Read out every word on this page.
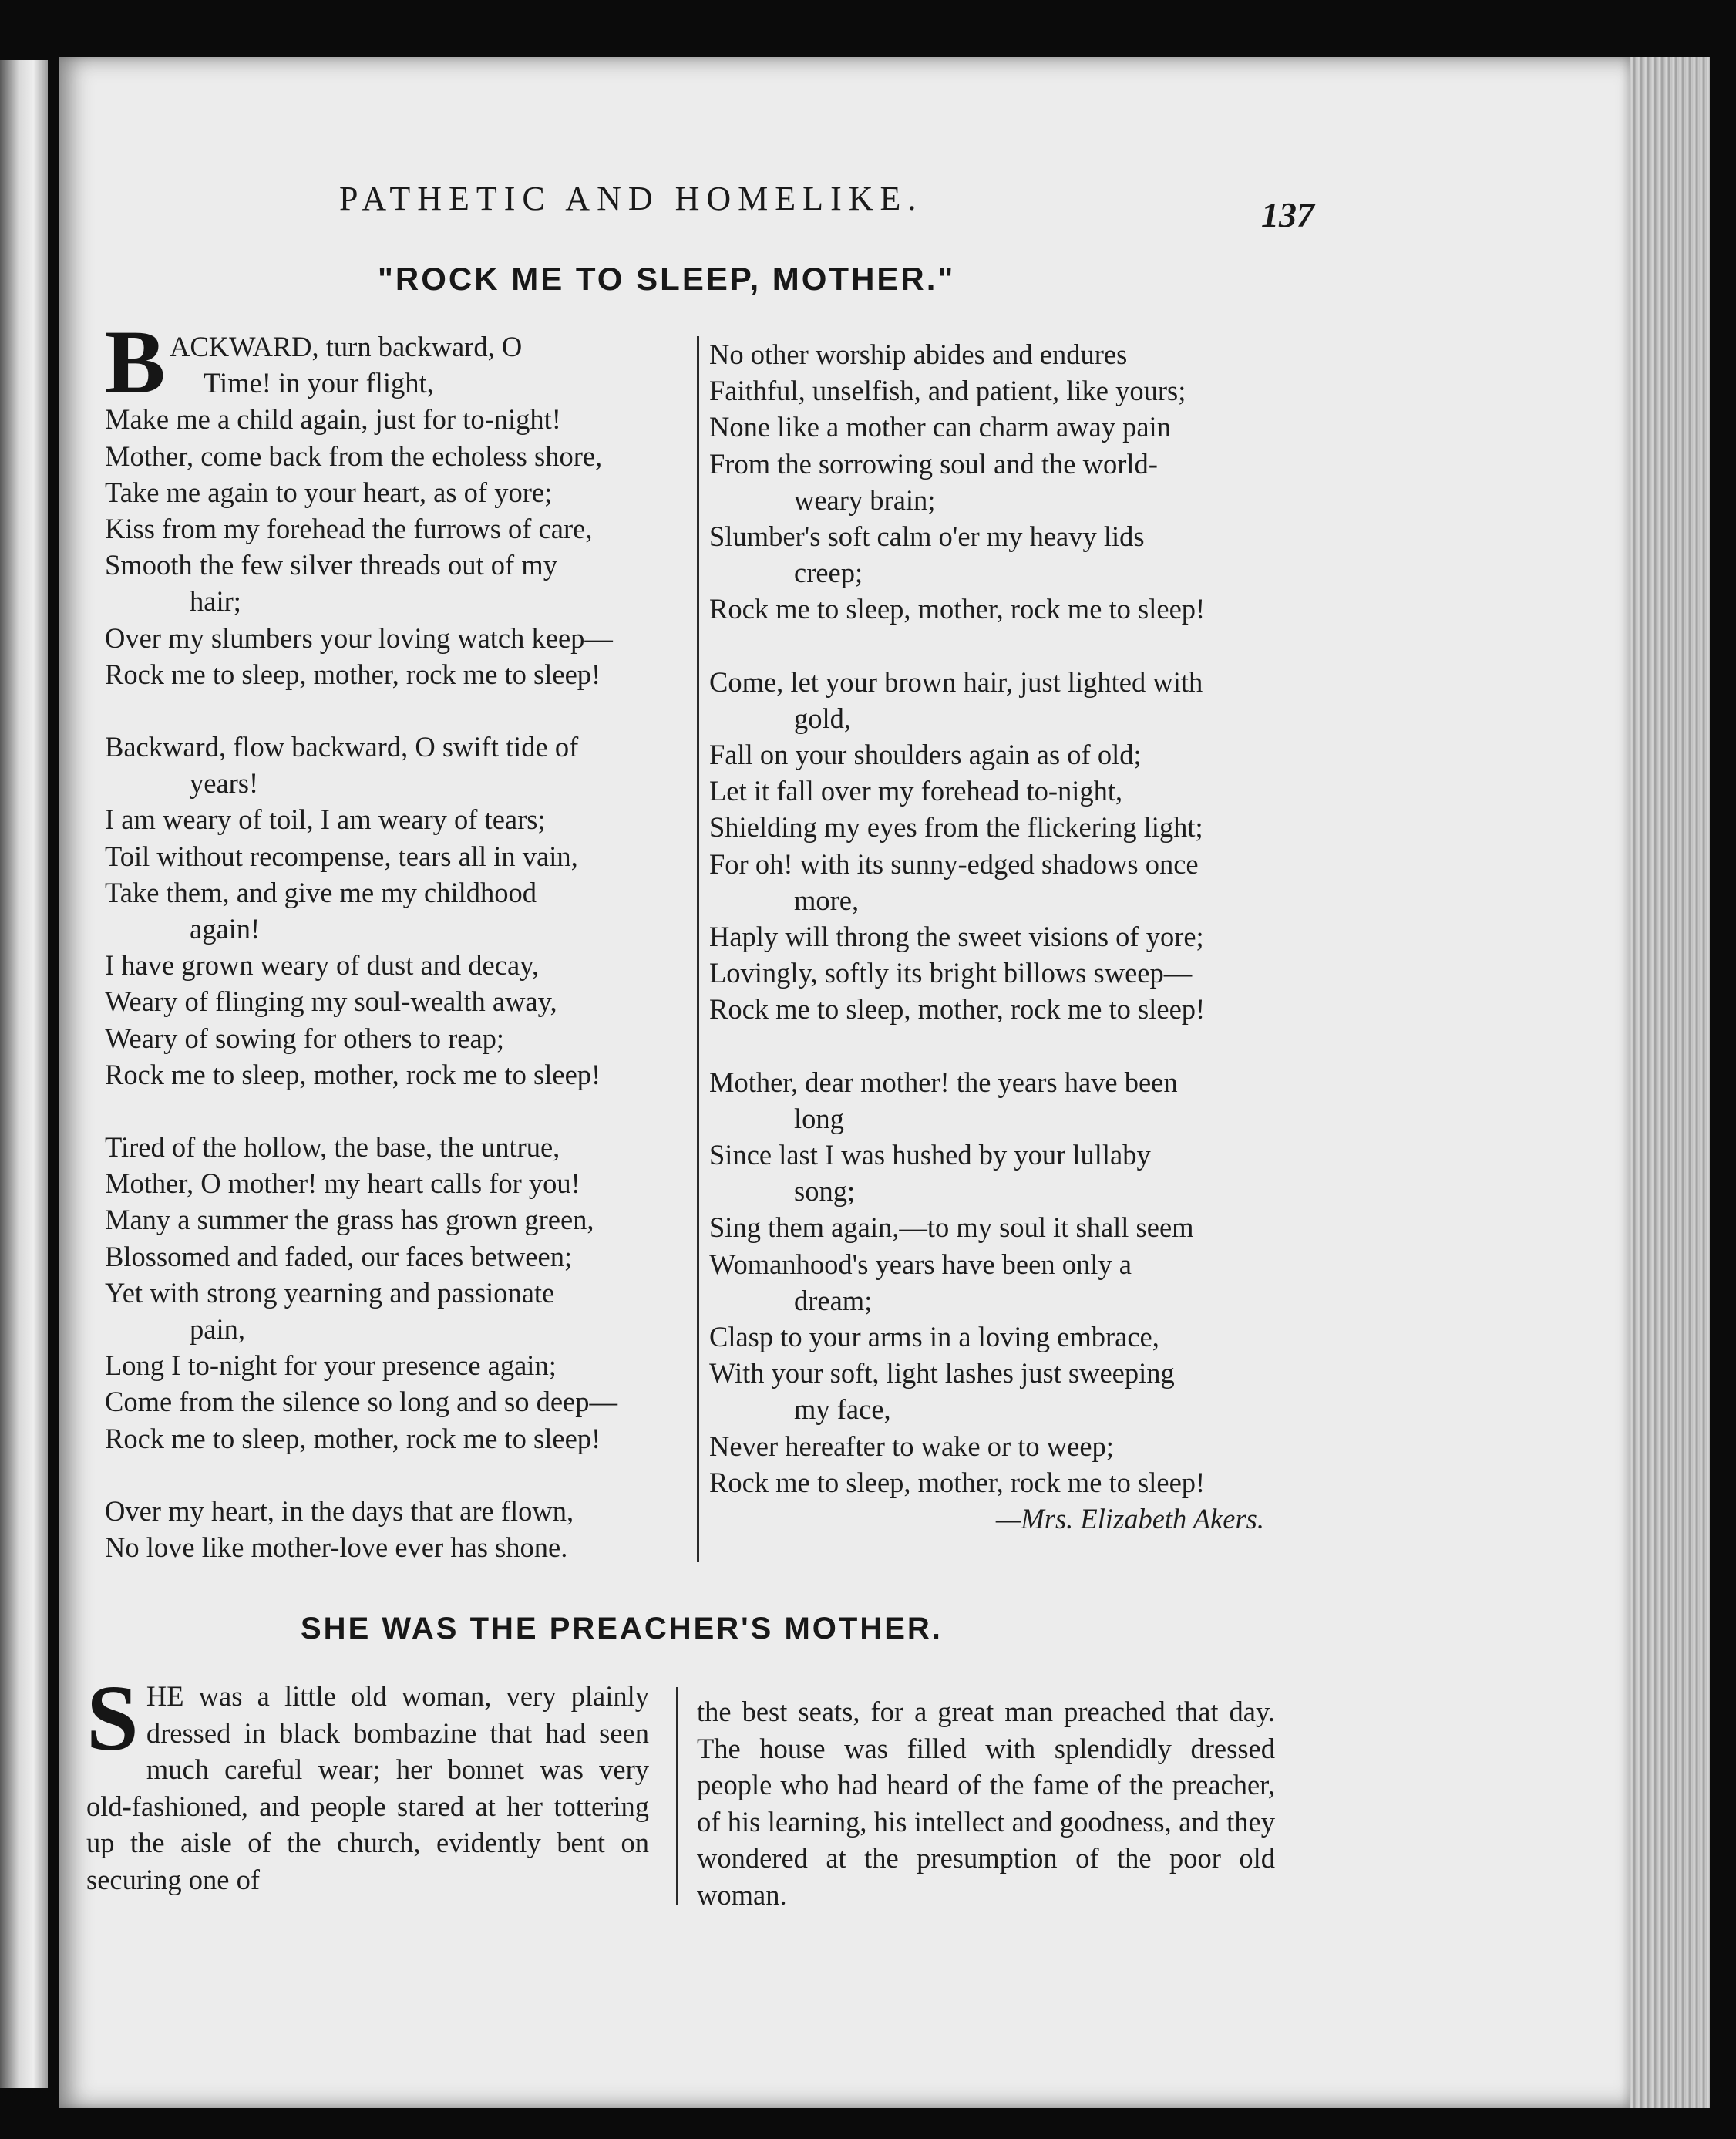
PATHETIC AND HOMELIKE.	137
"ROCK ME TO SLEEP, MOTHER."
B ACKWARD, turn backward, O
Time! in your flight,
Make me a child again, just for to-night!
Mother, come back from the echoless shore,
Take me again to your heart, as of yore;
Kiss from my forehead the furrows of care,
Smooth the few silver threads out of my
hair;
Over my slumbers your loving watch keep—
Rock me to sleep, mother, rock me to sleep!
Backward, flow backward, O swift tide of
years!
I am weary of toil, I am weary of tears;
Toil without recompense, tears all in vain,
Take them, and give me my childhood
again!
I have grown weary of dust and decay,
Weary of flinging my soul-wealth away,
Weary of sowing for others to reap;
Rock me to sleep, mother, rock me to sleep!
Tired of the hollow, the base, the untrue,
Mother, O mother! my heart calls for you!
Many a summer the grass has grown green,
Blossomed and faded, our faces between;
Yet with strong yearning and passionate
pain,
Long I to-night for your presence again;
Come from the silence so long and so deep—
Rock me to sleep, mother, rock me to sleep!
Over my heart, in the days that are flown,
No love like mother-love ever has shone.
No other worship abides and endures
Faithful, unselfish, and patient, like yours;
None like a mother can charm away pain
From the sorrowing soul and the world-
weary brain;
Slumber's soft calm o'er my heavy lids
creep;
Rock me to sleep, mother, rock me to sleep!
Come, let your brown hair, just lighted with
gold,
Fall on your shoulders again as of old;
Let it fall over my forehead to-night,
Shielding my eyes from the flickering light;
For oh! with its sunny-edged shadows once
more,
Haply will throng the sweet visions of yore;
Lovingly, softly its bright billows sweep—
Rock me to sleep, mother, rock me to sleep!
Mother, dear mother! the years have been
long
Since last I was hushed by your lullaby
song;
Sing them again,—to my soul it shall seem
Womanhood's years have been only a
dream;
Clasp to your arms in a loving embrace,
With your soft, light lashes just sweeping
my face,
Never hereafter to wake or to weep;
Rock me to sleep, mother, rock me to sleep!
—Mrs. Elizabeth Akers.
SHE WAS THE PREACHER'S MOTHER.

SHE was a little old woman, very plainly dressed in black bombazine that had seen much careful wear; her bonnet was very old-fashioned, and people stared at her tottering up the aisle of the church, evidently bent on securing one of

the best seats, for a great man preached that day. The house was filled with splendidly dressed people who had heard of the fame of the preacher, of his learning, his intellect and goodness, and they wondered at the presumption of the poor old woman.
